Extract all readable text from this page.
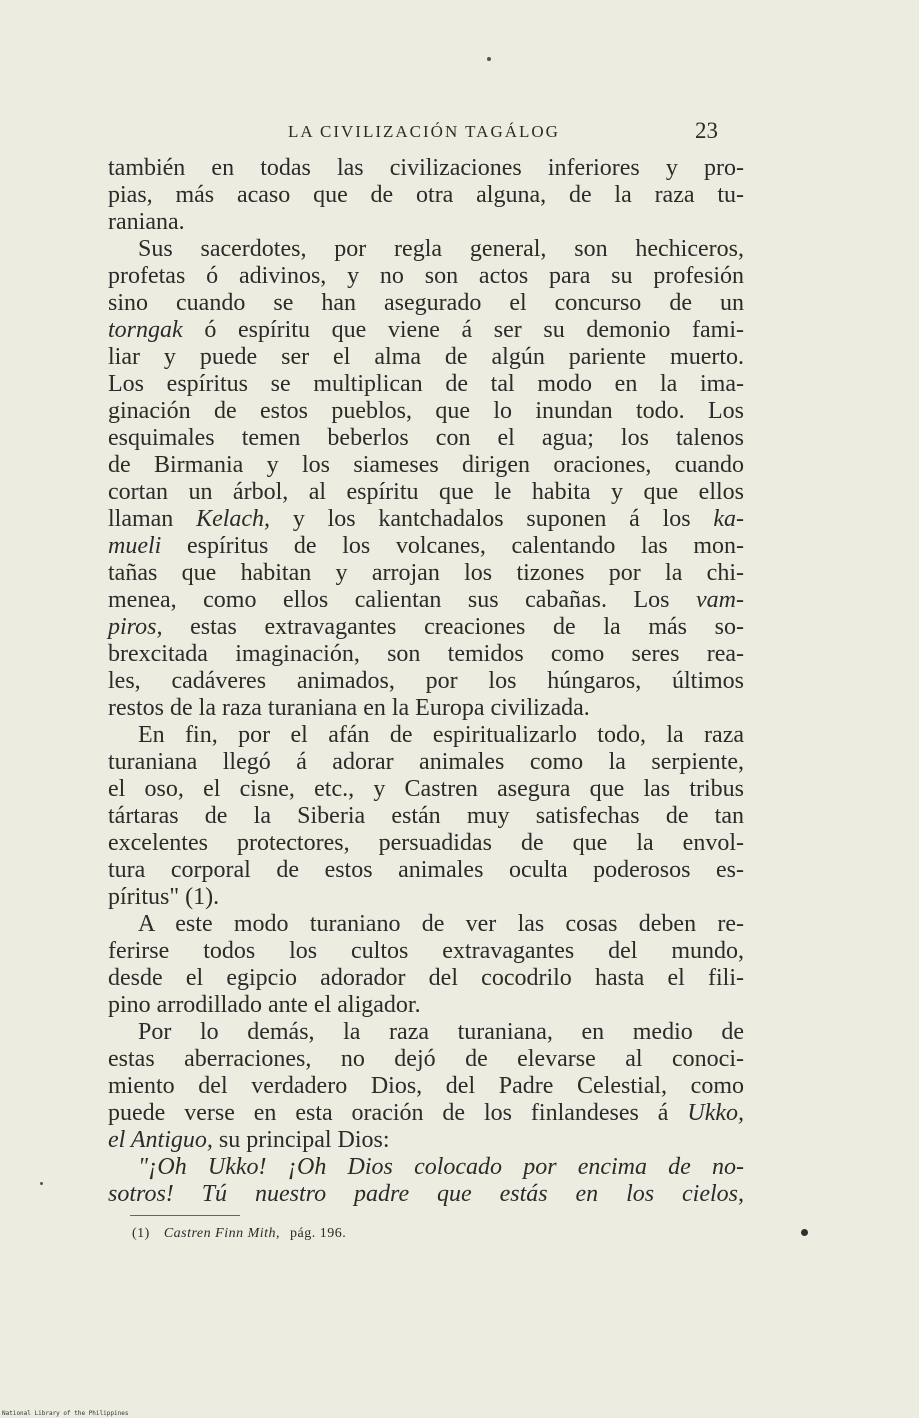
LA CIVILIZACIÓN TAGÁLOG	23
también en todas las civilizaciones inferiores y pro-
pias, más acaso que de otra alguna, de la raza tu-
raniana.
Sus sacerdotes, por regla general, son hechiceros,
profetas ó adivinos, y no son actos para su profesión
sino cuando se han asegurado el concurso de un
torngak ó espíritu que viene á ser su demonio fami-
liar y puede ser el alma de algún pariente muerto.
Los espíritus se multiplican de tal modo en la ima-
ginación de estos pueblos, que lo inundan todo. Los
esquimales temen beberlos con el agua; los talenos
de Birmania y los siameses dirigen oraciones, cuando
cortan un árbol, al espíritu que le habita y que ellos
llaman Kelach, y los kantchadalos suponen á los ka-
mueli espíritus de los volcanes, calentando las mon-
tañas que habitan y arrojan los tizones por la chi-
menea, como ellos calientan sus cabañas. Los vam-
piros, estas extravagantes creaciones de la más so-
brexcitada imaginación, son temidos como seres rea-
les, cadáveres animados, por los húngaros, últimos
restos de la raza turaniana en la Europa civilizada.
En fin, por el afán de espiritualizarlo todo, la raza
turaniana llegó á adorar animales como la serpiente,
el oso, el cisne, etc., y Castren asegura que las tribus
tártaras de la Siberia están muy satisfechas de tan
excelentes protectores, persuadidas de que la envol-
tura corporal de estos animales oculta poderosos es-
píritus" (1).
A este modo turaniano de ver las cosas deben re-
ferirse todos los cultos extravagantes del mundo,
desde el egipcio adorador del cocodrilo hasta el fili-
pino arrodillado ante el aligador.
Por lo demás, la raza turaniana, en medio de
estas aberraciones, no dejó de elevarse al conoci-
miento del verdadero Dios, del Padre Celestial, como
puede verse en esta oración de los finlandeses á Ukko,
el Antiguo, su principal Dios:
"¡Oh Ukko! ¡Oh Dios colocado por encima de no-
sotros! Tú nuestro padre que estás en los cielos,
(1) Castren Finn Mith, pág. 196.
National Library of the Philippines
